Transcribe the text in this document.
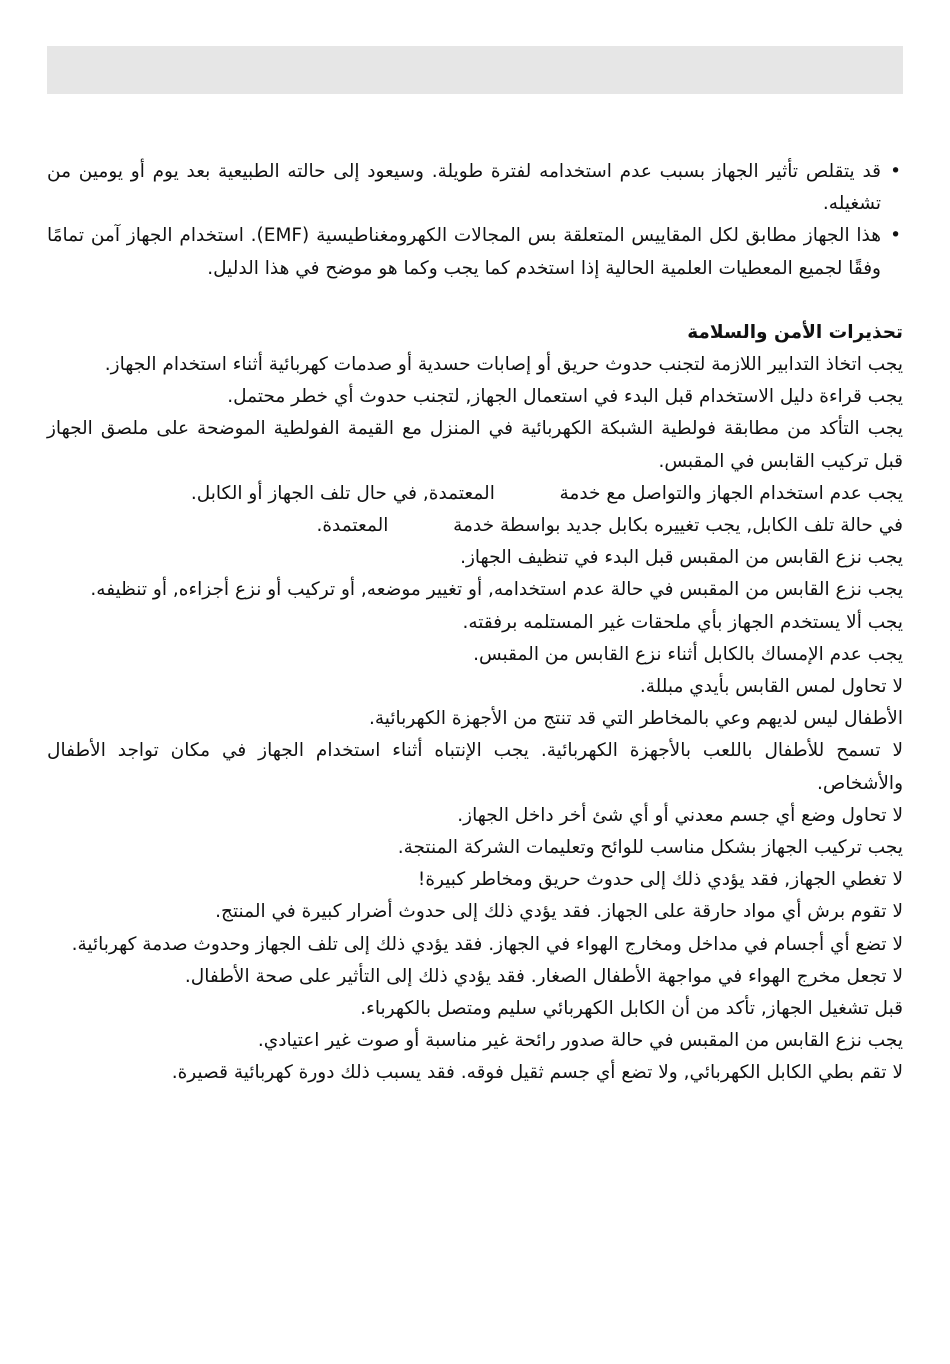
•
قد يتقلص تأثير الجهاز بسبب عدم استخدامه لفترة طويلة. وسيعود إلى حالته الطبيعية بعد يوم أو يومين من تشغيله.
•
هذا الجهاز مطابق لكل المقاييس المتعلقة بس المجالات الكهرومغناطيسية (EMF). استخدام الجهاز آمن تمامًا وفقًا لجميع المعطيات العلمية الحالية إذا استخدم كما يجب وكما هو موضح في هذا الدليل.
تحذيرات الأمن والسلامة
يجب اتخاذ التدابير اللازمة لتجنب حدوث حريق أو إصابات حسدية أو صدمات كهربائية أثناء استخدام الجهاز.
يجب قراءة دليل الاستخدام قبل البدء في استعمال الجهاز, لتجنب حدوث أي خطر محتمل.
يجب التأكد من مطابقة فولطية الشبكة الكهربائية في المنزل مع القيمة الفولطية الموضحة على ملصق الجهاز قبل تركيب القابس في المقبس.
يجب عدم استخدام الجهاز والتواصل مع خدمة           المعتمدة, في حال تلف الجهاز أو الكابل.
في حالة تلف الكابل, يجب تغييره بكابل جديد بواسطة خدمة           المعتمدة.
يجب نزع القابس من المقبس قبل البدء في تنظيف الجهاز.
يجب نزع القابس من المقبس في حالة عدم استخدامه, أو تغيير موضعه, أو تركيب أو نزع أجزاءه, أو تنظيفه.
يجب ألا يستخدم الجهاز بأي ملحقات غير المستلمه برفقته.
يجب عدم الإمساك بالكابل أثناء نزع القابس من المقبس.
لا تحاول لمس القابس بأيدي مبللة.
الأطفال ليس لديهم وعي بالمخاطر التي قد تنتج من الأجهزة الكهربائية.
لا تسمح للأطفال باللعب بالأجهزة الكهربائية. يجب الإنتباه أثناء استخدام الجهاز في مكان تواجد الأطفال والأشخاص.
لا تحاول وضع أي جسم معدني أو أي شئ أخر داخل الجهاز.
يجب تركيب الجهاز بشكل مناسب للوائح وتعليمات الشركة المنتجة.
لا تغطي الجهاز, فقد يؤدي ذلك إلى حدوث حريق ومخاطر كبيرة!
لا تقوم برش أي مواد حارقة على الجهاز. فقد يؤدي ذلك إلى حدوث أضرار كبيرة في المنتج.
لا تضع أي أجسام في مداخل ومخارج الهواء في الجهاز. فقد يؤدي ذلك إلى تلف الجهاز وحدوث صدمة كهربائية.
لا تجعل مخرج الهواء في مواجهة الأطفال الصغار. فقد يؤدي ذلك إلى التأثير على صحة الأطفال.
قبل تشغيل الجهاز, تأكد من أن الكابل الكهربائي سليم ومتصل بالكهرباء.
يجب نزع القابس من المقبس في حالة صدور رائحة غير مناسبة أو صوت غير اعتيادي.
لا تقم بطي الكابل الكهربائي, ولا تضع أي جسم ثقيل فوقه. فقد يسبب ذلك دورة كهربائية قصيرة.
